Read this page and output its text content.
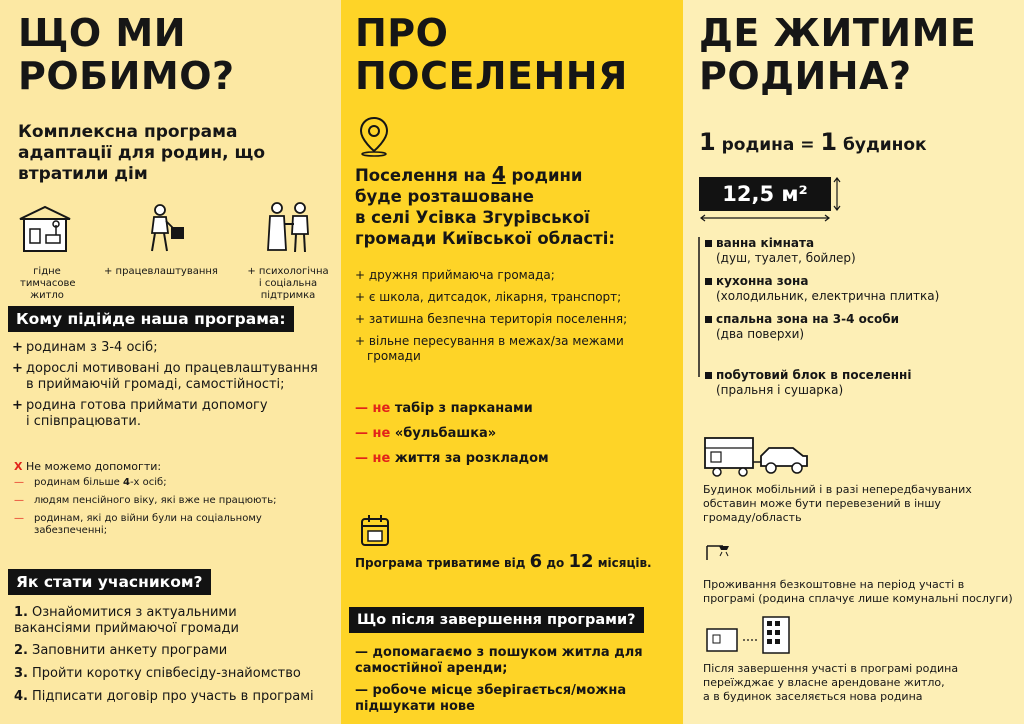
ЩО МИ
РОБИМО?
Комплексна програма
адаптації для родин, що
втратили дім
гідне
тимчасове
житло
+ працевлаштування	+ психологічна
і соціальна
підтримка
Кому підійде наша програма:
+ родинам з 3-4 осіб;
+ дорослі мотивовані до працевлаштування
в приймаючій громаді, самостійності;
+ родина готова приймати допомогу
і співпрацювати.
X Не можемо допомогти:
— родинам більше 4-х осіб;
— людям пенсійного віку, які вже не працюють;
— родинам, які до війни були на соціальному
забезпеченні;
Як стати учасником?
1. Ознайомитися з актуальними
вакансіями приймаючої громади
2. Заповнити анкету програми
3. Пройти коротку співбесіду-знайомство
4. Підписати договір про участь в програмі
ПРО
ПОСЕЛЕННЯ
Поселення на 4 родини
буде розташоване
в селі Усівка Згурівської
громади Київської області:
+ дружня приймаюча громада;
+ є школа, дитсадок, лікарня, транспорт;
+ затишна безпечна територія поселення;
+ вільне пересування в межах/за межами
громади
— не табір з парканами
— не «бульбашка»
— не життя за розкладом
Програма триватиме від 6 до 12 місяців.
Що після завершення програми?
— допомагаємо з пошуком житла для
самостійної аренди;
— робоче місце зберігається/можна
підшукати нове
ДЕ ЖИТИМЕ
РОДИНА?
1 родина = 1 будинок
12,5 м²
ванна кімната
(душ, туалет, бойлер)
кухонна зона
(холодильник, електрична плитка)
спальна зона на 3-4 особи
(два поверхи)
побутовий блок в поселенні
(пральня і сушарка)
Будинок мобільний і в разі непередбачуваних
обставин може бути перевезений в іншу
громаду/область
Проживання безкоштовне на період участі в
програмі (родина сплачує лише комунальні послуги)
Після завершення участі в програмі родина
переїжджає у власне арендоване житло,
а в будинок заселяється нова родина
